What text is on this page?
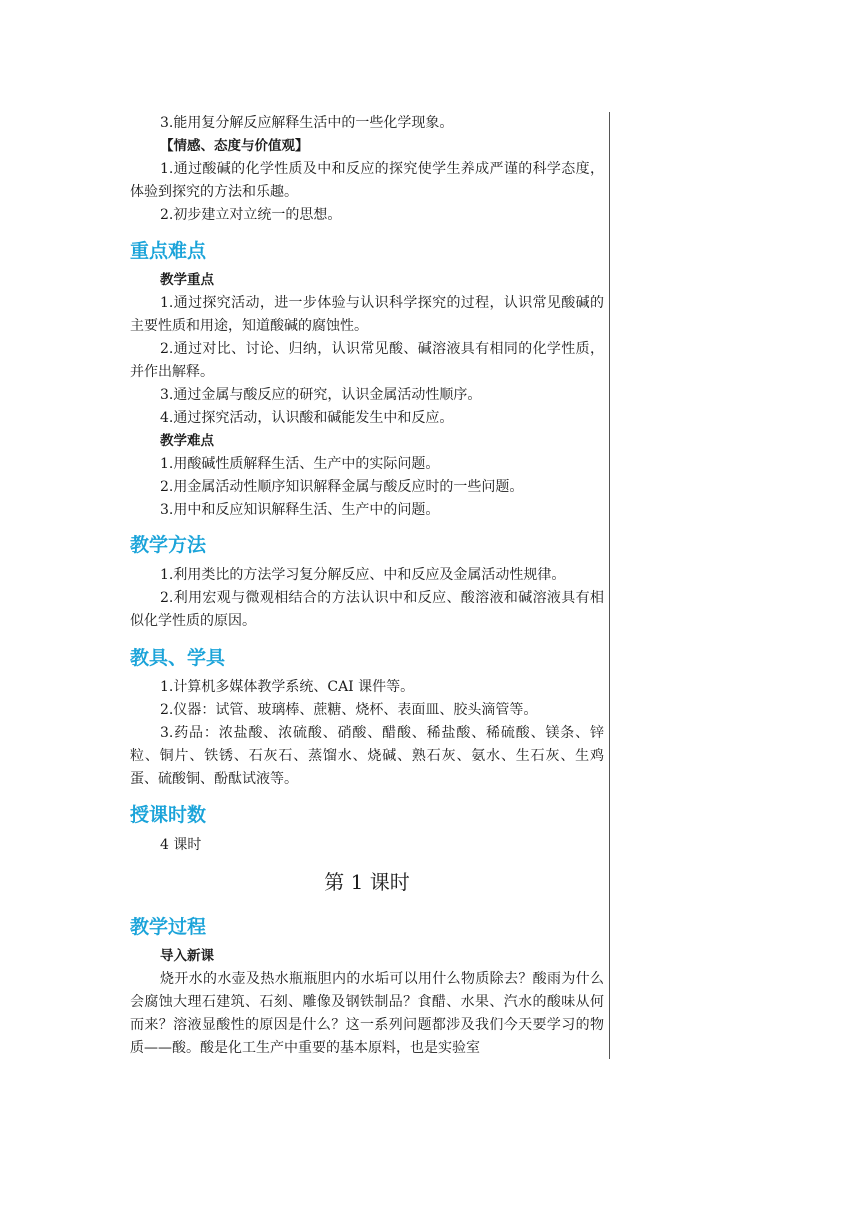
3.能用复分解反应解释生活中的一些化学现象。

【情感、态度与价值观】

1.通过酸碱的化学性质及中和反应的探究使学生养成严谨的科学态度，体验到探究的方法和乐趣。

2.初步建立对立统一的思想。

重点难点

教学重点

1.通过探究活动，进一步体验与认识科学探究的过程，认识常见酸碱的主要性质和用途，知道酸碱的腐蚀性。

2.通过对比、讨论、归纳，认识常见酸、碱溶液具有相同的化学性质，并作出解释。

3.通过金属与酸反应的研究，认识金属活动性顺序。

4.通过探究活动，认识酸和碱能发生中和反应。

教学难点

1.用酸碱性质解释生活、生产中的实际问题。

2.用金属活动性顺序知识解释金属与酸反应时的一些问题。

3.用中和反应知识解释生活、生产中的问题。

教学方法

1.利用类比的方法学习复分解反应、中和反应及金属活动性规律。

2.利用宏观与微观相结合的方法认识中和反应、酸溶液和碱溶液具有相似化学性质的原因。

教具、学具

1.计算机多媒体教学系统、CAI 课件等。

2.仪器：试管、玻璃棒、蔗糖、烧杯、表面皿、胶头滴管等。

3.药品：浓盐酸、浓硫酸、硝酸、醋酸、稀盐酸、稀硫酸、镁条、锌粒、铜片、铁锈、石灰石、蒸馏水、烧碱、熟石灰、氨水、生石灰、生鸡蛋、硫酸铜、酚酞试液等。

授课时数

4 课时

第 1 课时
教学过程

导入新课

烧开水的水壶及热水瓶瓶胆内的水垢可以用什么物质除去？酸雨为什么会腐蚀大理石建筑、石刻、雕像及钢铁制品？食醋、水果、汽水的酸味从何而来？溶液显酸性的原因是什么？这一系列问题都涉及我们今天要学习的物质——酸。酸是化工生产中重要的基本原料，也是实验室
